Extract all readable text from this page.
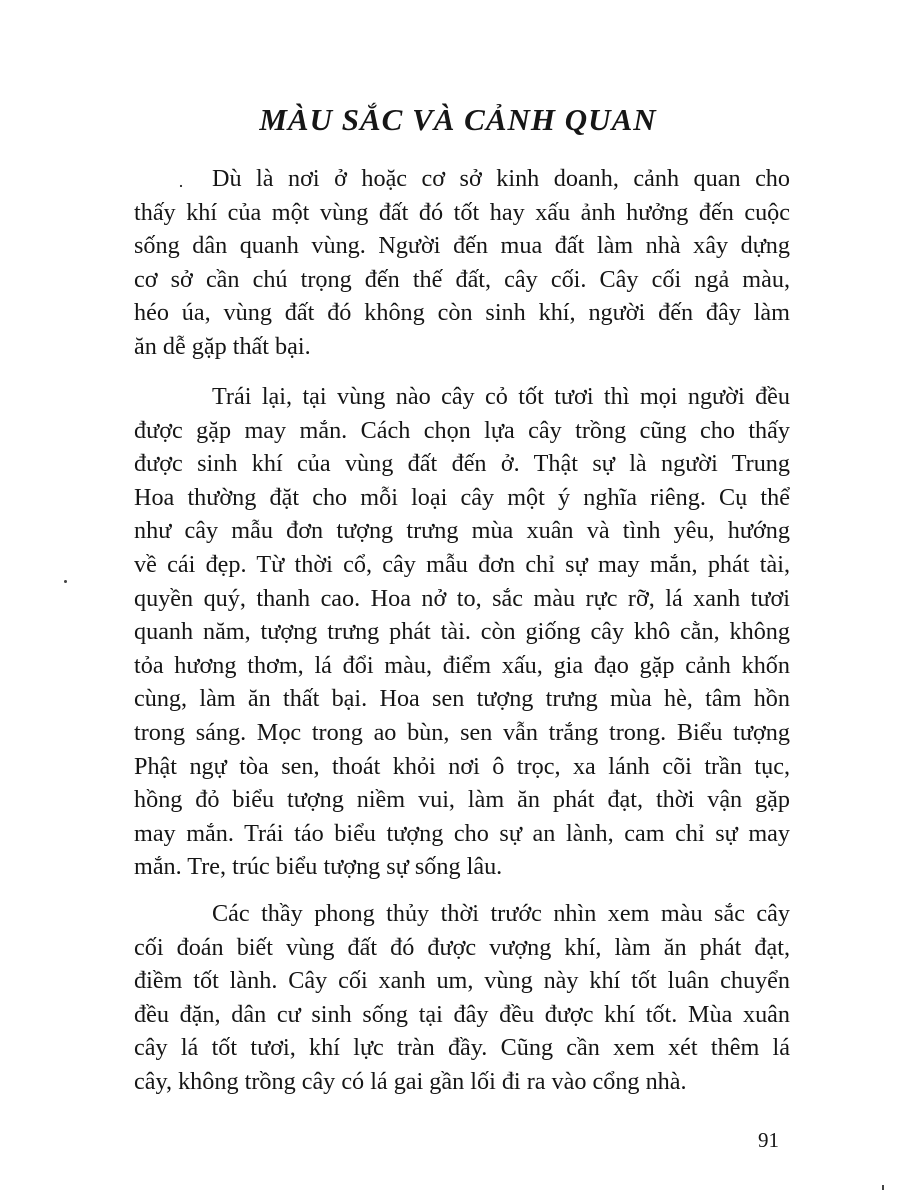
MÀU SẮC VÀ CẢNH QUAN
·	Dù là nơi ở hoặc cơ sở kinh doanh, cảnh quan cho
thấy khí của một vùng đất đó tốt hay xấu ảnh hưởng đến cuộc
sống dân quanh vùng. Người đến mua đất làm nhà xây dựng
cơ sở cần chú trọng đến thế đất, cây cối. Cây cối ngả màu,
héo úa, vùng đất đó không còn sinh khí, người đến đây làm
ăn dễ gặp thất bại.
Trái lại, tại vùng nào cây cỏ tốt tươi thì mọi người đều
được gặp may mắn. Cách chọn lựa cây trồng cũng cho thấy
được sinh khí của vùng đất đến ở. Thật sự là người Trung
Hoa thường đặt cho mỗi loại cây một ý nghĩa riêng. Cụ thể
như cây mẫu đơn tượng trưng mùa xuân và tình yêu, hướng
về cái đẹp. Từ thời cổ, cây mẫu đơn chỉ sự may mắn, phát tài,
quyền quý, thanh cao. Hoa nở to, sắc màu rực rỡ, lá xanh tươi
quanh năm, tượng trưng phát tài. còn giống cây khô cằn, không
tỏa hương thơm, lá đổi màu, điểm xấu, gia đạo gặp cảnh khốn
cùng, làm ăn thất bại. Hoa sen tượng trưng mùa hè, tâm hồn
trong sáng. Mọc trong ao bùn, sen vẫn trắng trong. Biểu tượng
Phật ngự tòa sen, thoát khỏi nơi ô trọc, xa lánh cõi trần tục,
hồng đỏ biểu tượng niềm vui, làm ăn phát đạt, thời vận gặp
may mắn. Trái táo biểu tượng cho sự an lành, cam chỉ sự may
mắn. Tre, trúc biểu tượng sự sống lâu.
Các thầy phong thủy thời trước nhìn xem màu sắc cây
cối đoán biết vùng đất đó được vượng khí, làm ăn phát đạt,
điềm tốt lành. Cây cối xanh um, vùng này khí tốt luân chuyển
đều đặn, dân cư sinh sống tại đây đều được khí tốt. Mùa xuân
cây lá tốt tươi, khí lực tràn đầy. Cũng cần xem xét thêm lá
cây, không trồng cây có lá gai gần lối đi ra vào cổng nhà.

91
